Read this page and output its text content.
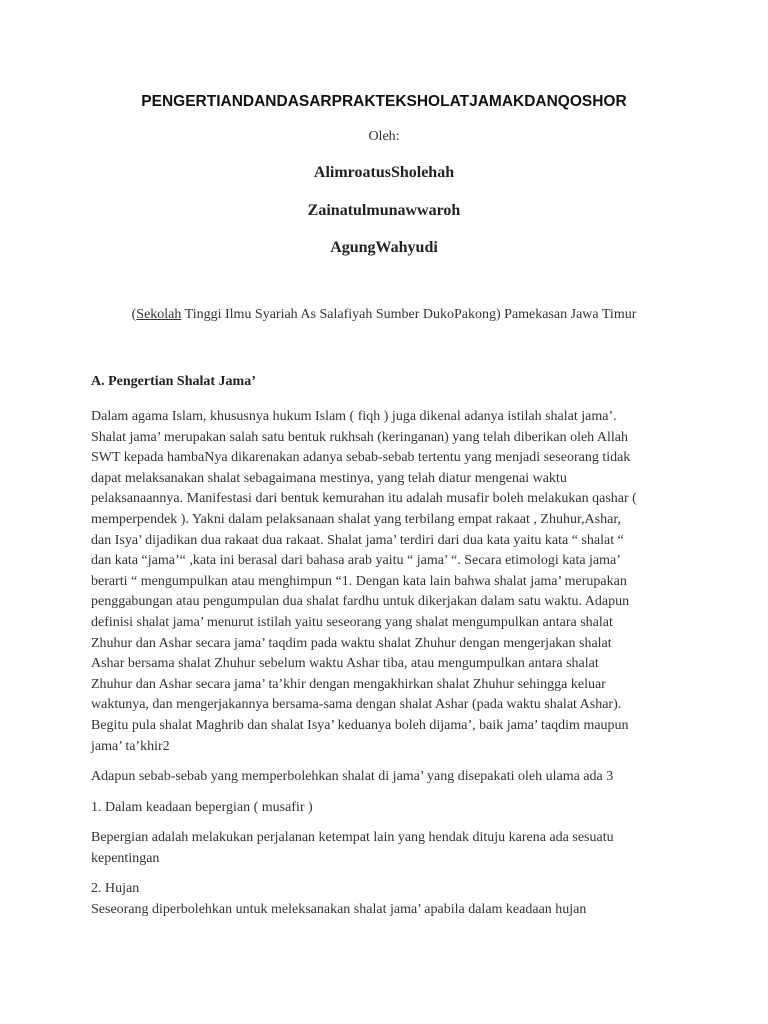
PENGERTIANDANDASARPRAKTEKSHOLATJAMAKDANQOSHOR
Oleh:
AlimroatusSholehah
Zainatulmunawwaroh
AgungWahyudi
(Sekolah Tinggi Ilmu Syariah As Salafiyah Sumber DukoPakong) Pamekasan Jawa Timur
A. Pengertian Shalat Jama’
Dalam agama Islam, khususnya hukum Islam ( fiqh ) juga dikenal adanya istilah shalat jama’.
Shalat jama’ merupakan salah satu bentuk rukhsah (keringanan) yang telah diberikan oleh Allah
SWT kepada hambaNya dikarenakan adanya sebab-sebab tertentu yang menjadi seseorang tidak
dapat melaksanakan shalat sebagaimana mestinya, yang telah diatur mengenai waktu
pelaksanaannya. Manifestasi dari bentuk kemurahan itu adalah musafir boleh melakukan qashar (
memperpendek ). Yakni dalam pelaksanaan shalat yang terbilang empat rakaat , Zhuhur,Ashar,
dan Isya’ dijadikan dua rakaat dua rakaat. Shalat jama’ terdiri dari dua kata yaitu kata “ shalat “
dan kata “jama’“ ,kata ini berasal dari bahasa arab yaitu “ jama’ “. Secara etimologi kata jama’
berarti “ mengumpulkan atau menghimpun “1. Dengan kata lain bahwa shalat jama’ merupakan
penggabungan atau pengumpulan dua shalat fardhu untuk dikerjakan dalam satu waktu. Adapun
definisi shalat jama’ menurut istilah yaitu seseorang yang shalat mengumpulkan antara shalat
Zhuhur dan Ashar secara jama’ taqdim pada waktu shalat Zhuhur dengan mengerjakan shalat
Ashar bersama shalat Zhuhur sebelum waktu Ashar tiba, atau mengumpulkan antara shalat
Zhuhur dan Ashar secara jama’ ta’khir dengan mengakhirkan shalat Zhuhur sehingga keluar
waktunya, dan mengerjakannya bersama-sama dengan shalat Ashar (pada waktu shalat Ashar).
Begitu pula shalat Maghrib dan shalat Isya’ keduanya boleh dijama’, baik jama’ taqdim maupun
jama’ ta’khir2
Adapun sebab-sebab yang memperbolehkan shalat di jama’ yang disepakati oleh ulama ada 3
1. Dalam keadaan bepergian ( musafir )
Bepergian adalah melakukan perjalanan ketempat lain yang hendak dituju karena ada sesuatu
kepentingan
2. Hujan
Seseorang diperbolehkan untuk meleksanakan shalat jama’ apabila dalam keadaan hujan
